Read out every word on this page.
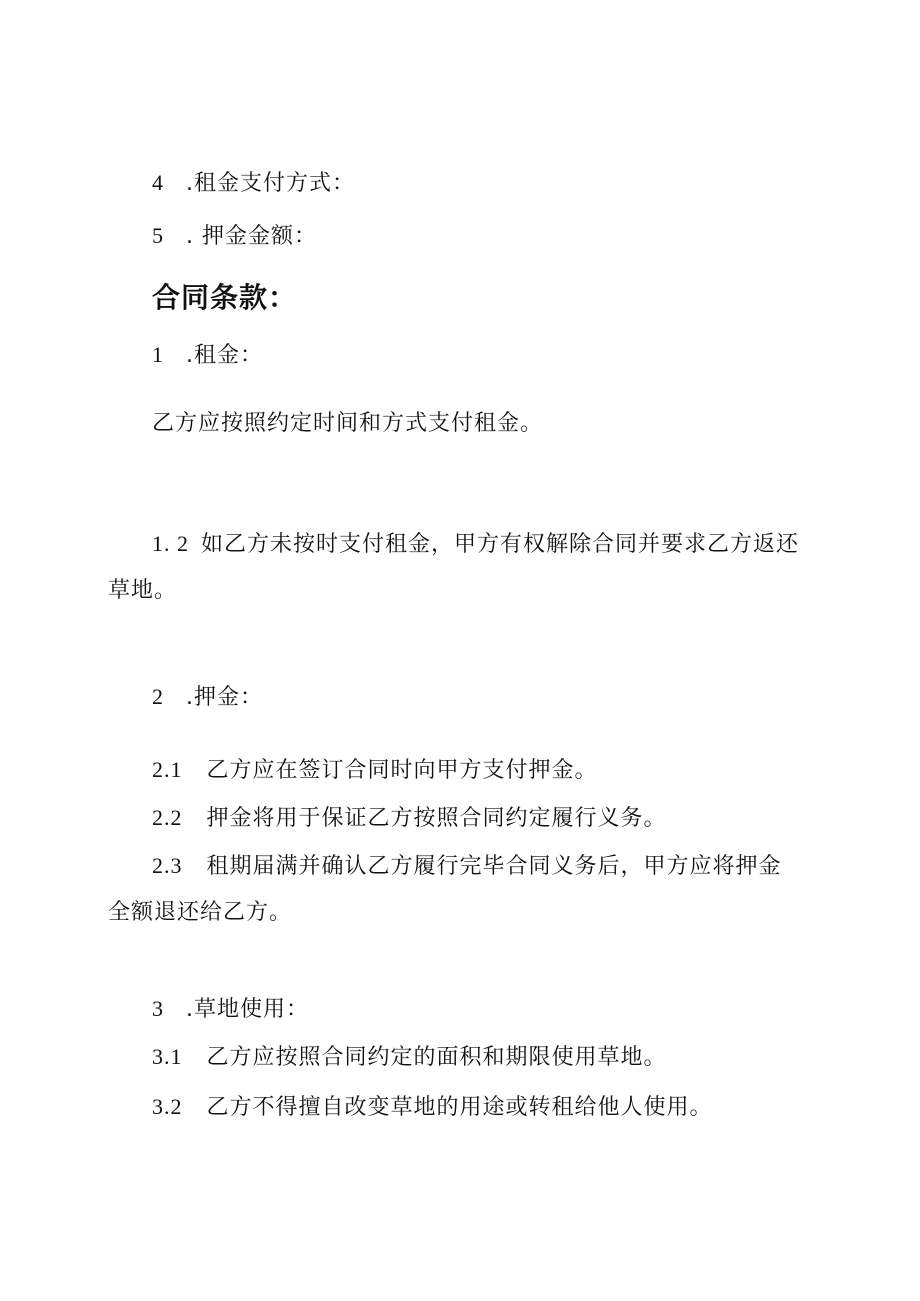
4 .租金支付方式：
5 . 押金金额：
合同条款：
1 .租金：
乙方应按照约定时间和方式支付租金。
1. 2 如乙方未按时支付租金，甲方有权解除合同并要求乙方返还
草地。
2 .押金：
2.1 乙方应在签订合同时向甲方支付押金。
2.2 押金将用于保证乙方按照合同约定履行义务。
2.3 租期届满并确认乙方履行完毕合同义务后，甲方应将押金
全额退还给乙方。
3 .草地使用：
3.1 乙方应按照合同约定的面积和期限使用草地。
3.2 乙方不得擅自改变草地的用途或转租给他人使用。
